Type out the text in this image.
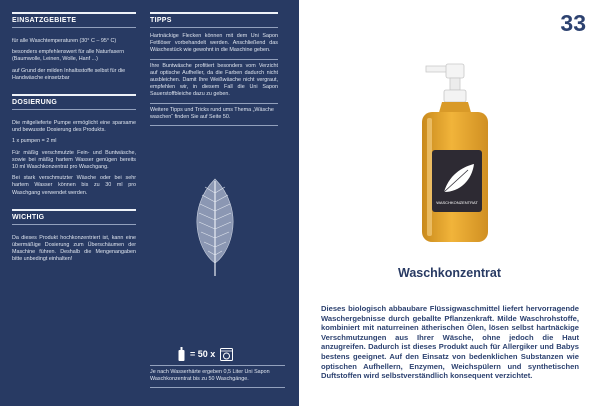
EINSATZGEBIETE

für alle Waschtemperaturen (30° C – 95° C)

besonders empfehlenswert für alle Naturfasern (Baumwolle, Leinen, Wolle, Hanf ...)

auf Grund der milden Inhaltsstoffe selbst für die Handwäsche einsetzbar

DOSIERUNG

Die mitgelieferte Pumpe ermöglicht eine sparsame und bewusste Dosierung des Produkts.

1 x pumpen = 2 ml

Für mäßig verschmutzte Fein- und Buntwäsche, sowie bei mäßig hartem Wasser genügen bereits 10 ml Waschkonzentrat pro Waschgang.

Bei stark verschmutzter Wäsche oder bei sehr hartem Wasser können bis zu 30 ml pro Waschgang verwendet werden.

WICHTIG

Da dieses Produkt hochkonzentriert ist, kann eine übermäßige Dosierung zum Überschäumen der Maschine führen. Deshalb die Mengenangaben bitte unbedingt einhalten!

TIPPS

Hartnäckige Flecken können mit dem Uni Sapon Fettlöser vorbehandelt werden. Anschließend das Wäschestück wie gewohnt in die Maschine geben.

Ihre Buntwäsche profitiert besonders vom Verzicht auf optische Aufheller, da die Farben dadurch nicht ausbleichen. Damit Ihre Weißwäsche nicht vergraut, empfehlen wir, in diesem Fall die Uni Sapon Sauerstoffbleiche dazu zu geben.

Weitere Tipps und Tricks rund ums Thema „Wäsche waschen“ finden Sie auf Seite 50.

= 50 x

Je nach Wasserhärte ergeben 0,5 Liter Uni Sapon Waschkonzentrat bis zu 50 Waschgänge.

33
WASCHKONZENTRAT
Waschkonzentrat
Dieses biologisch abbaubare Flüssigwaschmittel liefert hervorragende Waschergebnisse durch geballte Pflanzenkraft. Milde Waschrohstoffe, kombiniert mit naturreinen ätherischen Ölen, lösen selbst hartnäckige Verschmutzungen aus Ihrer Wäsche, ohne jedoch die Haut anzugreifen. Dadurch ist dieses Produkt auch für Allergiker und Babys bestens geeignet. Auf den Einsatz von bedenklichen Substanzen wie optischen Aufhellern, Enzymen, Weichspülern und synthetischen Duftstoffen wird selbstverständlich konsequent verzichtet.
